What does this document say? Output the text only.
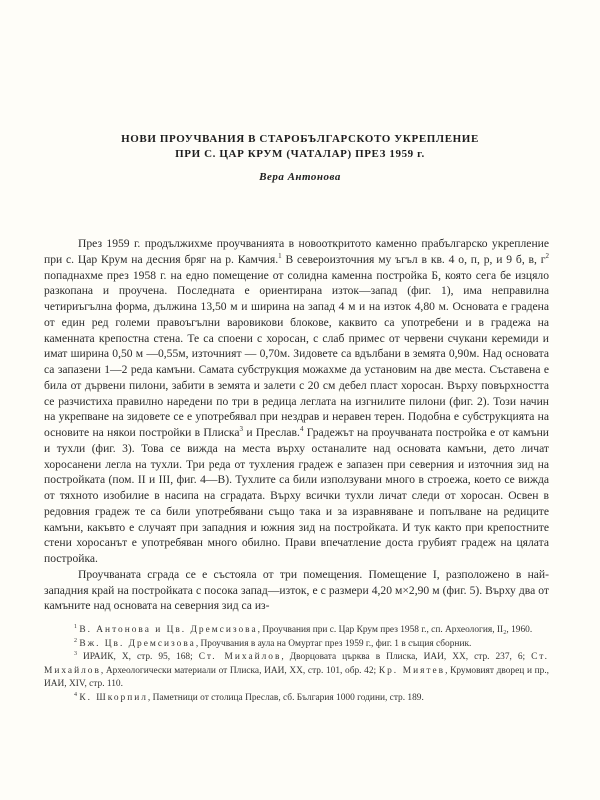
НОВИ ПРОУЧВАНИЯ В СТАРОБЪЛГАРСКОТО УКРЕПЛЕНИЕ
ПРИ С. ЦАР КРУМ (ЧАТАЛАР) ПРЕЗ 1959 г.
Вера Антонова

През 1959 г. продължихме проучванията в новооткритото каменно прабългарско укрепление при с. Цар Крум на десния бряг на р. Камчия.$^1$ В североизточния му ъгъл в кв. 4 о, п, р, и 9 б, в, $г^2$ попаднахме през 1958 г. на едно помещение от солидна каменна постройка Б, която сега бе изцяло разкопана и проучена. Последната е ориентирана изток—запад (фиг. 1), има неправилна четириъгълна форма, дължина 13,50 м и ширина на запад 4 м и на изток 4,80 м. Основата е градена от един ред големи правоъгълни варовикови блокове, каквито са употребени и в градежа на каменната крепостна стена. Те са споени с хоросан, с слаб примес от червени счукани керемиди и имат ширина 0,50 м —0,55м, източният — 0,70м. Зидовете са вдълбани в земята 0,90м. Над основата са запазени 1—2 реда камъни. Самата субструкция можахме да установим на две места. Съставена е била от дървени пилони, забити в земята и залети с 20 см дебел пласт хоросан. Върху повърхността се разчистиха правилно наредени по три в редица леглата на изгнилите пилони (фиг. 2). Този начин на укрепване на зидовете се е употребявал при нездрав и неравен терен. Подобна е субструкцията на основите на някои постройки в Плиска$^3$ и Преслав.$^4$ Градежът на проучваната постройка е от камъни и тухли (фиг. 3). Това се вижда на места върху останалите над основата камъни, дето личат хоросанени легла на тухли. Три реда от тухления градеж е запазен при северния и източния зид на постройката (пом. II и III, фиг. 4—В). Тухлите са били използувани много в строежа, което се вижда от тяхното изобилие в насипа на сградата. Върху всички тухли личат следи от хоросан. Освен в редовния градеж те са били употребявани също така и за изравняване и попълване на редиците камъни, какъвто е случаят при западния и южния зид на постройката. И тук както при крепостните стени хоросанът е употребяван много обилно. Прави впечатление доста грубият градеж на цялата постройка.

Проучваната сграда се е състояла от три помещения. Помещение I, разположено в най-западния край на постройката с посока запад—изток, е с размери 4,20 м×2,90 м (фиг. 5). Върху два от камъните над основата на северния зид са из-

$^1$ В. Антонова и Цв. Дремсизова, Проучвания при с. Цар Крум през 1958 г., сп. Археология, II₂, 1960.

$^2$ Вж. Цв. Дремсизова, Проучвания в аула на Омуртаг през 1959 г., фиг. 1 в същия сборник.

$^3$ ИРАИК, X, стр. 95, 168; Ст. Михайлов, Дворцовата църква в Плиска, ИАИ, XX, стр. 237, 6; Ст. Михайлов, Археологически материали от Плиска, ИАИ, XX, стр. 101, обр. 42; Кр. Миятев, Крумовият дворец и пр., ИАИ, XIV, стр. 110.

$^4$ К. Шкорпил, Паметници от столица Преслав, сб. България 1000 години, стр. 189.
